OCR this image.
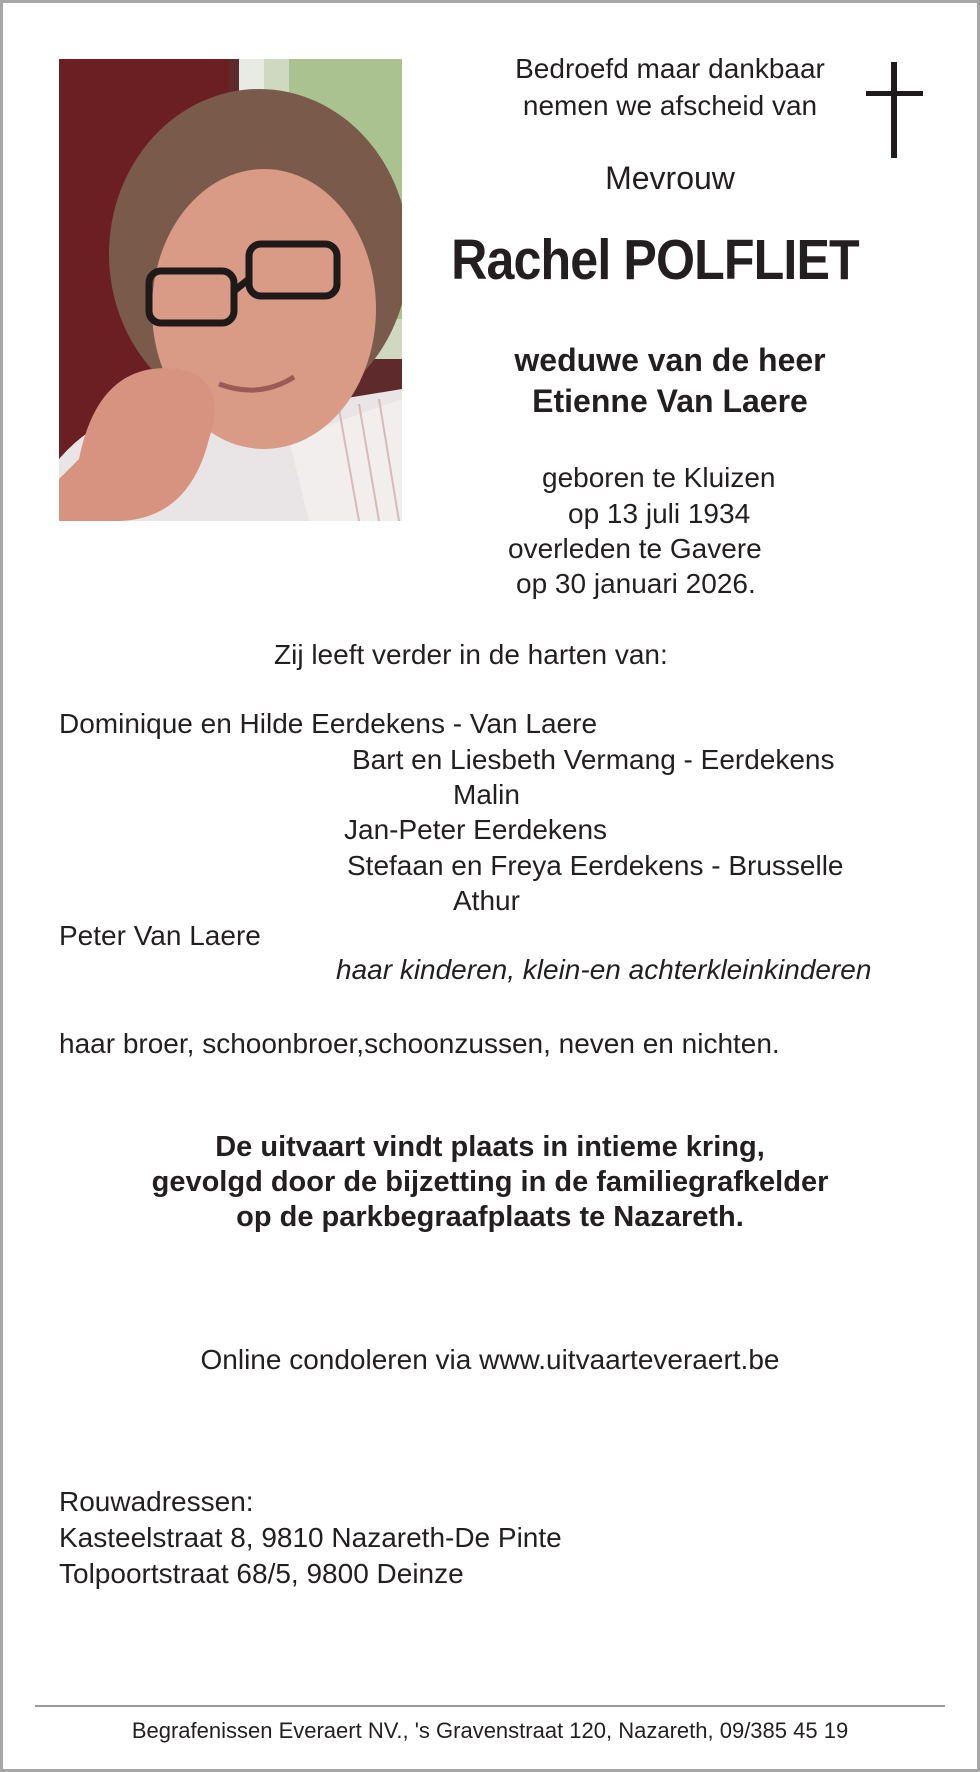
Bedroefd maar dankbaar
nemen we afscheid van
Mevrouw
Rachel POLFLIET
weduwe van de heer
Etienne Van Laere
geboren te Kluizen
op 13 juli 1934
overleden te Gavere
op 30 januari 2026.
Zij leeft verder in de harten van:
Dominique en Hilde Eerdekens - Van Laere
Bart en Liesbeth Vermang - Eerdekens
Malin
Jan-Peter Eerdekens
Stefaan en Freya Eerdekens - Brusselle
Athur
Peter Van Laere
haar kinderen, klein-en achterkleinkinderen
haar broer, schoonbroer,schoonzussen, neven en nichten.
De uitvaart vindt plaats in intieme kring,
gevolgd door de bijzetting in de familiegrafkelder
op de parkbegraafplaats te Nazareth.
Online condoleren via www.uitvaarteveraert.be
Rouwadressen:
Kasteelstraat 8, 9810 Nazareth-De Pinte
Tolpoortstraat 68/5, 9800 Deinze
Begrafenissen Everaert NV., 's Gravenstraat 120, Nazareth, 09/385 45 19
